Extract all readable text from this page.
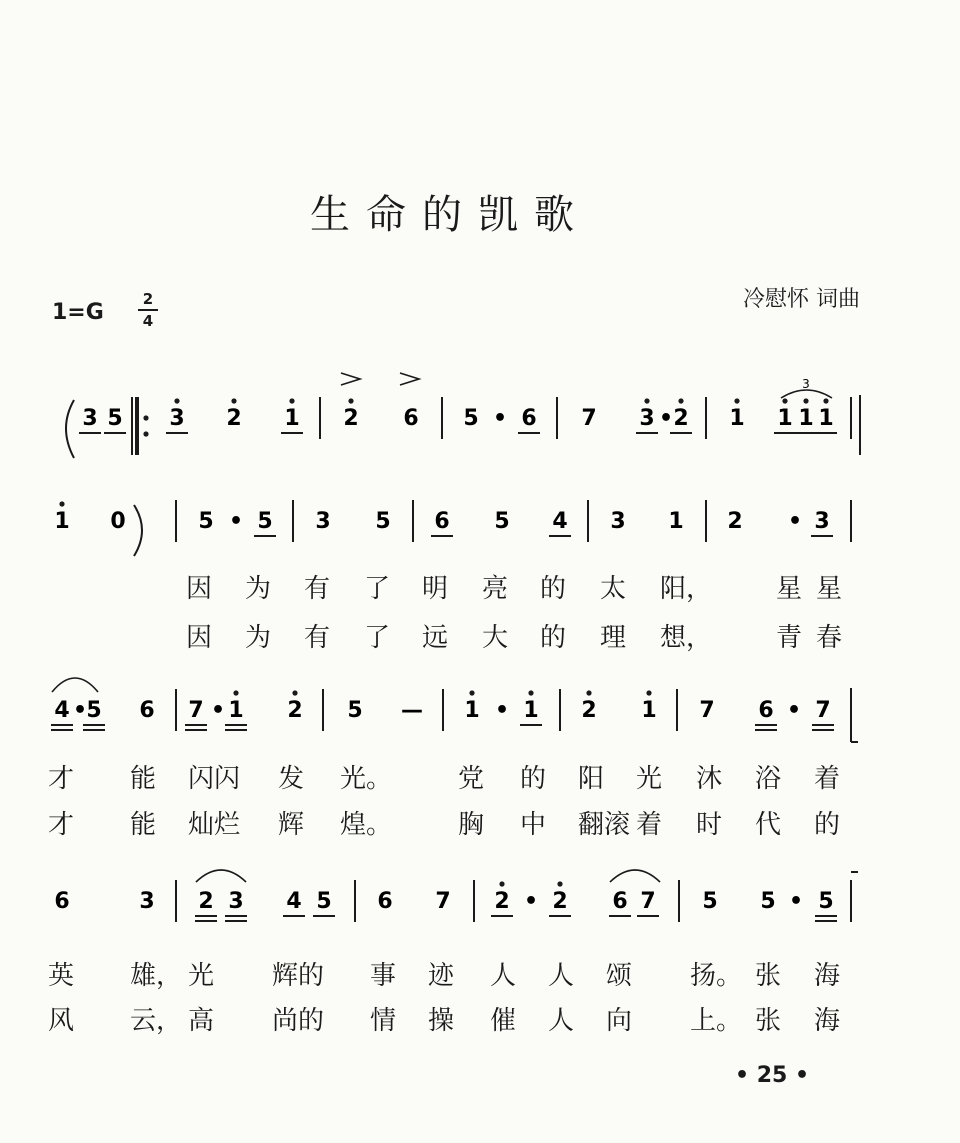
生命的凯歌
冷慰怀 词曲
1=G
2
4
3 5 3 2 1 2 6 5 • 6 7 3 • 2 1 1 1 1
3
1 0	5 • 5 3 5 6 5 4 3 1 2 • 3
4 • 5 6 7 • 1 2 5 — 1 • 1 2 1 7 6 • 7
6	3 2 3 4 5 6 7 2 • 2 6 7 5 5 • 5
因 为 有 了 明 亮 的 太 阳， 星 星
因 为 有 了 远 大 的 理 想， 青 春
才 能 闪闪 发 光。	党 的 阳 光 沐 浴 着
才 能 灿烂 辉 煌。	胸 中 翻滚 着 时 代 的
英 雄， 光 辉的 事 迹 人 人 颂 扬。 张 海
风 云， 高 尚的 情 操 催 人 向 上。 张 海
• 25 •
